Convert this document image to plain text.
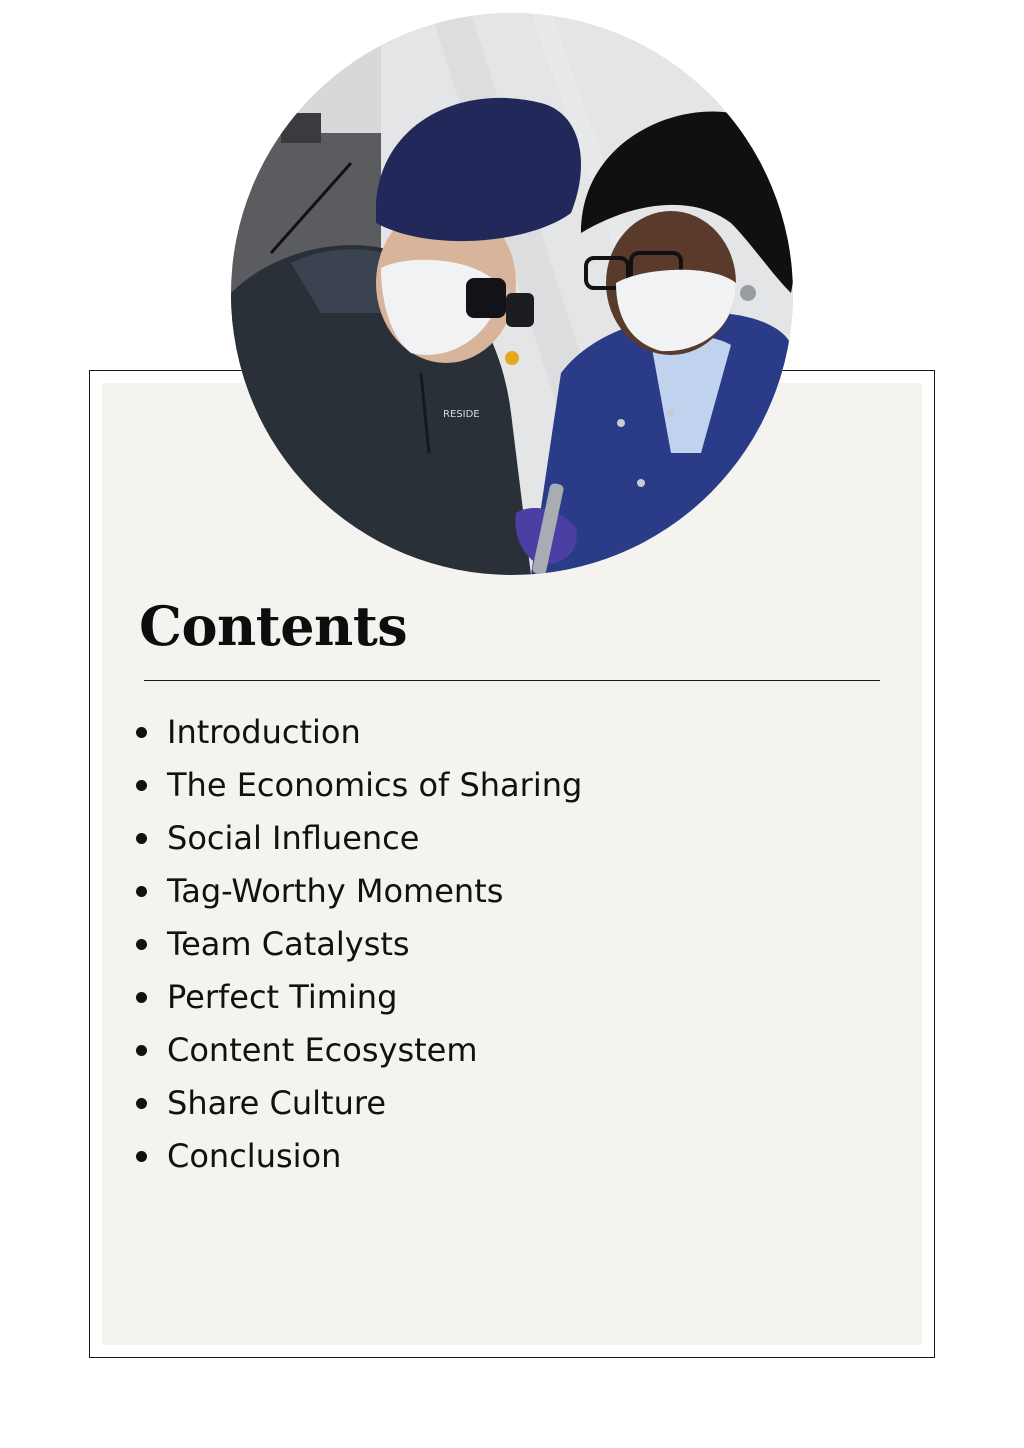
RESIDE
Contents
Introduction
The Economics of Sharing
Social Influence
Tag-Worthy Moments
Team Catalysts
Perfect Timing
Content Ecosystem
Share Culture
Conclusion
